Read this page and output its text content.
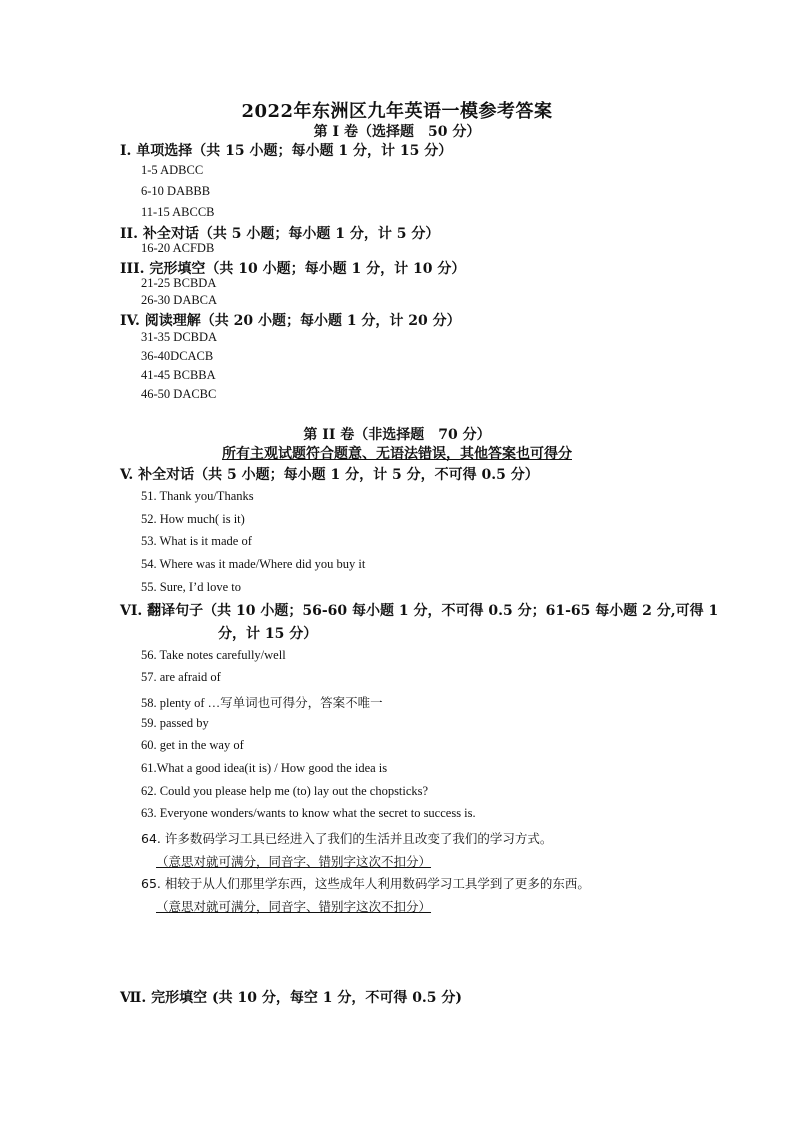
2022年东洲区九年英语一模参考答案
第 I 卷（选择题　50 分）
I. 单项选择（共 15 小题；每小题 1 分，计 15 分）
1-5 ADBCC
6-10 DABBB
11-15 ABCCB
II. 补全对话（共 5 小题；每小题 1 分，计 5 分）
16-20 ACFDB
III. 完形填空（共 10 小题；每小题 1 分，计 10 分）
21-25 BCBDA
26-30 DABCA
IV. 阅读理解（共 20 小题；每小题 1 分，计 20 分）
31-35 DCBDA
36-40DCACB
41-45 BCBBA
46-50 DACBC
第 II 卷（非选择题　70 分）
所有主观试题符合题意、无语法错误，其他答案也可得分
V. 补全对话（共 5 小题；每小题 1 分，计 5 分，不可得 0.5 分）
51. Thank you/Thanks
52. How much( is it)
53. What is it made of
54. Where was it made/Where did you buy it
55. Sure, I’d love to
VI. 翻译句子（共 10 小题；56-60 每小题 1 分，不可得 0.5 分；61-65 每小题 2 分,可得 1
分，计 15 分）
56. Take notes carefully/well
57. are afraid of
58. plenty of …写单词也可得分，答案不唯一
59. passed by
60. get in the way of
61.What a good idea(it is) / How good the idea is
62. Could you please help me (to) lay out the chopsticks?
63. Everyone wonders/wants to know what the secret to success is.
64. 许多数码学习工具已经进入了我们的生活并且改变了我们的学习方式。
（意思对就可满分，同音字、错别字这次不扣分）
65. 相较于从人们那里学东西，这些成年人利用数码学习工具学到了更多的东西。
（意思对就可满分，同音字、错别字这次不扣分）
Ⅶ. 完形填空 (共 10 分，每空 1 分，不可得 0.5 分)
